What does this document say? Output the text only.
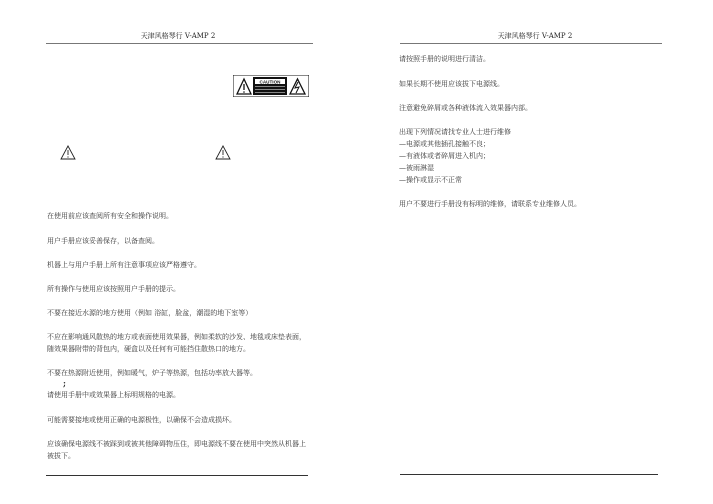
天津风格琴行 V-AMP 2
CAUTION
在使用前应该查阅所有安全和操作说明。
用户手册应该妥善保存，以备查阅。
机器上与用户手册上所有注意事项应该严格遵守。
所有操作与使用应该按照用户手册的提示。
不要在接近水源的地方使用（例如 浴缸，脸盆，潮湿的地下室等）
不应在影响通风散热的地方或表面使用效果器，例如柔软的沙发、地毯或床垫表面，随效果器附带的背包内，硬盒以及任何有可能挡住散热口的地方。
不要在热源附近使用，例如暖气，炉子等热源，包括功率放大器等。
;
请使用手册中或效果器上标明规格的电源。
可能需要接地或使用正确的电源极性，以确保不会造成损坏。
应该确保电源线不被踩到或被其他障碍物压住，即电源线不要在使用中突然从机器上被拔下。
天津风格琴行 V-AMP 2
请按照手册的说明进行清洁。
如果长期不使用应该拔下电源线。
注意避免碎屑或各种液体流入效果器内部。
出现下列情况请找专业人士进行维修
—电源或其他插孔接触不良；
—有液体或者碎屑进入机内；
—被雨淋湿
—操作或显示不正常
用户不要进行手册没有标明的维修，请联系专业维修人员。
